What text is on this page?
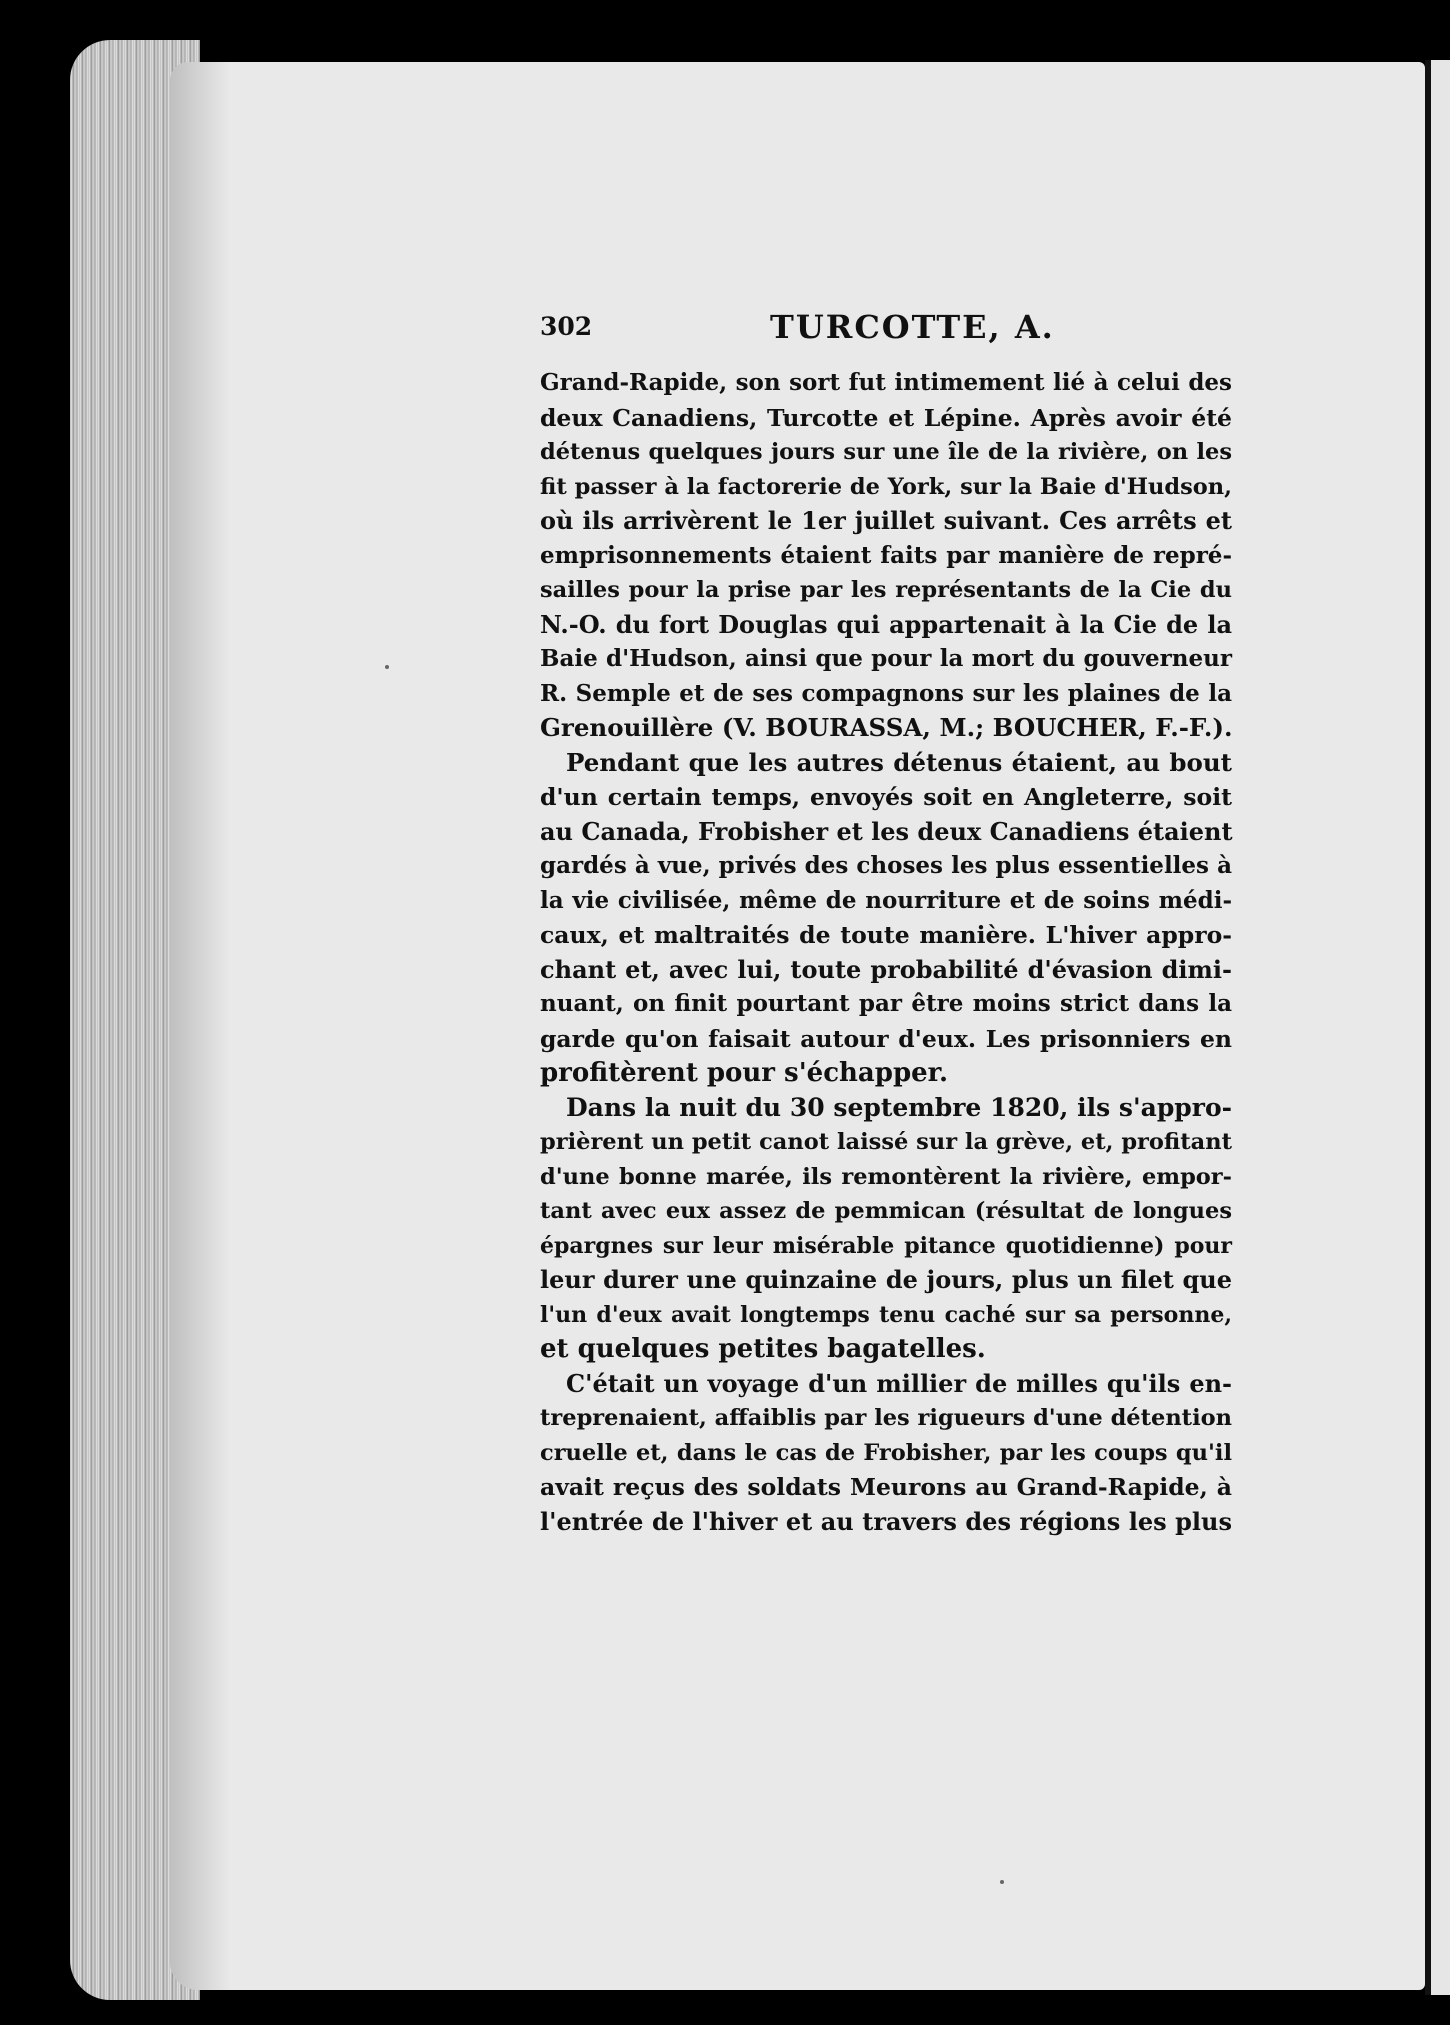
302	TURCOTTE, A.
Grand-Rapide, son sort fut intimement lié à celui des
deux Canadiens, Turcotte et Lépine. Après avoir été
détenus quelques jours sur une île de la rivière, on les
fit passer à la factorerie de York, sur la Baie d'Hudson,
où ils arrivèrent le 1er juillet suivant. Ces arrêts et
emprisonnements étaient faits par manière de repré-
sailles pour la prise par les représentants de la Cie du
N.-O. du fort Douglas qui appartenait à la Cie de la
Baie d'Hudson, ainsi que pour la mort du gouverneur
R. Semple et de ses compagnons sur les plaines de la
Grenouillère (V. BOURASSA, M.; BOUCHER, F.-F.).
Pendant que les autres détenus étaient, au bout
d'un certain temps, envoyés soit en Angleterre, soit
au Canada, Frobisher et les deux Canadiens étaient
gardés à vue, privés des choses les plus essentielles à
la vie civilisée, même de nourriture et de soins médi-
caux, et maltraités de toute manière. L'hiver appro-
chant et, avec lui, toute probabilité d'évasion dimi-
nuant, on finit pourtant par être moins strict dans la
garde qu'on faisait autour d'eux. Les prisonniers en
profitèrent pour s'échapper.
Dans la nuit du 30 septembre 1820, ils s'appro-
prièrent un petit canot laissé sur la grève, et, profitant
d'une bonne marée, ils remontèrent la rivière, empor-
tant avec eux assez de pemmican (résultat de longues
épargnes sur leur misérable pitance quotidienne) pour
leur durer une quinzaine de jours, plus un filet que
l'un d'eux avait longtemps tenu caché sur sa personne,
et quelques petites bagatelles.
C'était un voyage d'un millier de milles qu'ils en-
treprenaient, affaiblis par les rigueurs d'une détention
cruelle et, dans le cas de Frobisher, par les coups qu'il
avait reçus des soldats Meurons au Grand-Rapide, à
l'entrée de l'hiver et au travers des régions les plus
